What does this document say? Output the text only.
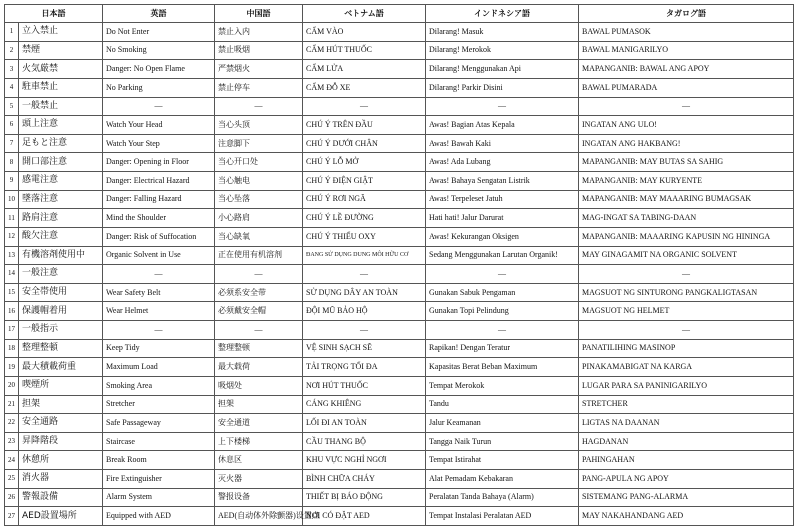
日本語		英語	中国語	ベトナム語	インドネシア語	タガログ語
1	立入禁止	Do Not Enter	禁止入内	CẤM VÀO	Dilarang! Masuk	BAWAL PUMASOK
2	禁煙	No Smoking	禁止吸烟	CẤM HÚT THUỐC	Dilarang! Merokok	BAWAL MANIGARILYO
3	火気厳禁	Danger: No Open Flame	严禁烟火	CẤM LỬA	Dilarang! Menggunakan Api	MAPANGANIB: BAWAL ANG APOY
4	駐車禁止	No Parking	禁止停车	CẤM ĐỖ XE	Dilarang! Parkir Disini	BAWAL PUMARADA
5	一般禁止	—	—	—	—	—
6	頭上注意	Watch Your Head	当心头顶	CHÚ Ý TRÊN ĐẦU	Awas! Bagian Atas Kepala	INGATAN ANG ULO!
7	足もと注意	Watch Your Step	注意脚下	CHÚ Ý DƯỚI CHÂN	Awas! Bawah Kaki	INGATAN ANG HAKBANG!
8	開口部注意	Danger: Opening in Floor	当心开口处	CHÚ Ý LỖ MỞ	Awas! Ada Lubang	MAPANGANIB: MAY BUTAS SA SAHIG
9	感電注意	Danger: Electrical Hazard	当心触电	CHÚ Ý ĐIỆN GIẬT	Awas! Bahaya Sengatan Listrik	MAPANGANIB: MAY KURYENTE
10	墜落注意	Danger: Falling Hazard	当心坠落	CHÚ Ý RƠI NGÃ	Awas! Terpeleset Jatuh	MAPANGANIB: MAY MAAARING BUMAGSAK
11	路肩注意	Mind the Shoulder	小心路肩	CHÚ Ý LỀ ĐƯỜNG	Hati hati! Jalur Darurat	MAG-INGAT SA TABING-DAAN
12	酸欠注意	Danger: Risk of Suffocation	当心缺氧	CHÚ Ý THIẾU OXY	Awas! Kekurangan Oksigen	MAPANGANIB: MAAARING KAPUSIN NG HININGA
13	有機溶剤使用中	Organic Solvent in Use	正在使用有机溶剂	ĐANG SỬ DỤNG DUNG MÔI HỮU CƠ	Sedang Menggunakan Larutan Organik!	MAY GINAGAMIT NA ORGANIC SOLVENT
14	一般注意	—	—	—	—	—
15	安全帯使用	Wear Safety Belt	必须系安全带	SỬ DỤNG DÂY AN TOÀN	Gunakan Sabuk Pengaman	MAGSUOT NG SINTURONG PANGKALIGTASAN
16	保護帽着用	Wear Helmet	必须戴安全帽	ĐỘI MŨ BẢO HỘ	Gunakan Topi Pelindung	MAGSUOT NG HELMET
17	一般指示	—	—	—	—	—
18	整理整頓	Keep Tidy	整理整顿	VỆ SINH SẠCH SẼ	Rapikan! Dengan Teratur	PANATILIHING MASINOP
19	最大積載荷重	Maximum Load	最大载荷	TẢI TRỌNG TỐI ĐA	Kapasitas Berat Beban Maximum	PINAKAMABIGAT NA KARGA
20	喫煙所	Smoking Area	吸烟处	NƠI HÚT THUỐC	Tempat Merokok	LUGAR PARA SA PANINIGARILYO
21	担架	Stretcher	担架	CÁNG KHIÊNG	Tandu	STRETCHER
22	安全通路	Safe Passageway	安全通道	LỐI ĐI AN TOÀN	Jalur Keamanan	LIGTAS NA DAANAN
23	昇降階段	Staircase	上下楼梯	CẦU THANG BỘ	Tangga Naik Turun	HAGDANAN
24	休憩所	Break Room	休息区	KHU VỰC NGHỈ NGƠI	Tempat Istirahat	PAHINGAHAN
25	消火器	Fire Extinguisher	灭火器	BÌNH CHỮA CHÁY	Alat Pemadam Kebakaran	PANG-APULA NG APOY
26	警報設備	Alarm System	警报设备	THIẾT BỊ BÁO ĐỘNG	Peralatan Tanda Bahaya (Alarm)	SISTEMANG PANG-ALARMA
27	AED設置場所	Equipped with AED	AED(自动体外除颤器)设置点	NƠI CÓ ĐẶT AED	Tempat Instalasi Peralatan AED	MAY NAKAHANDANG AED
